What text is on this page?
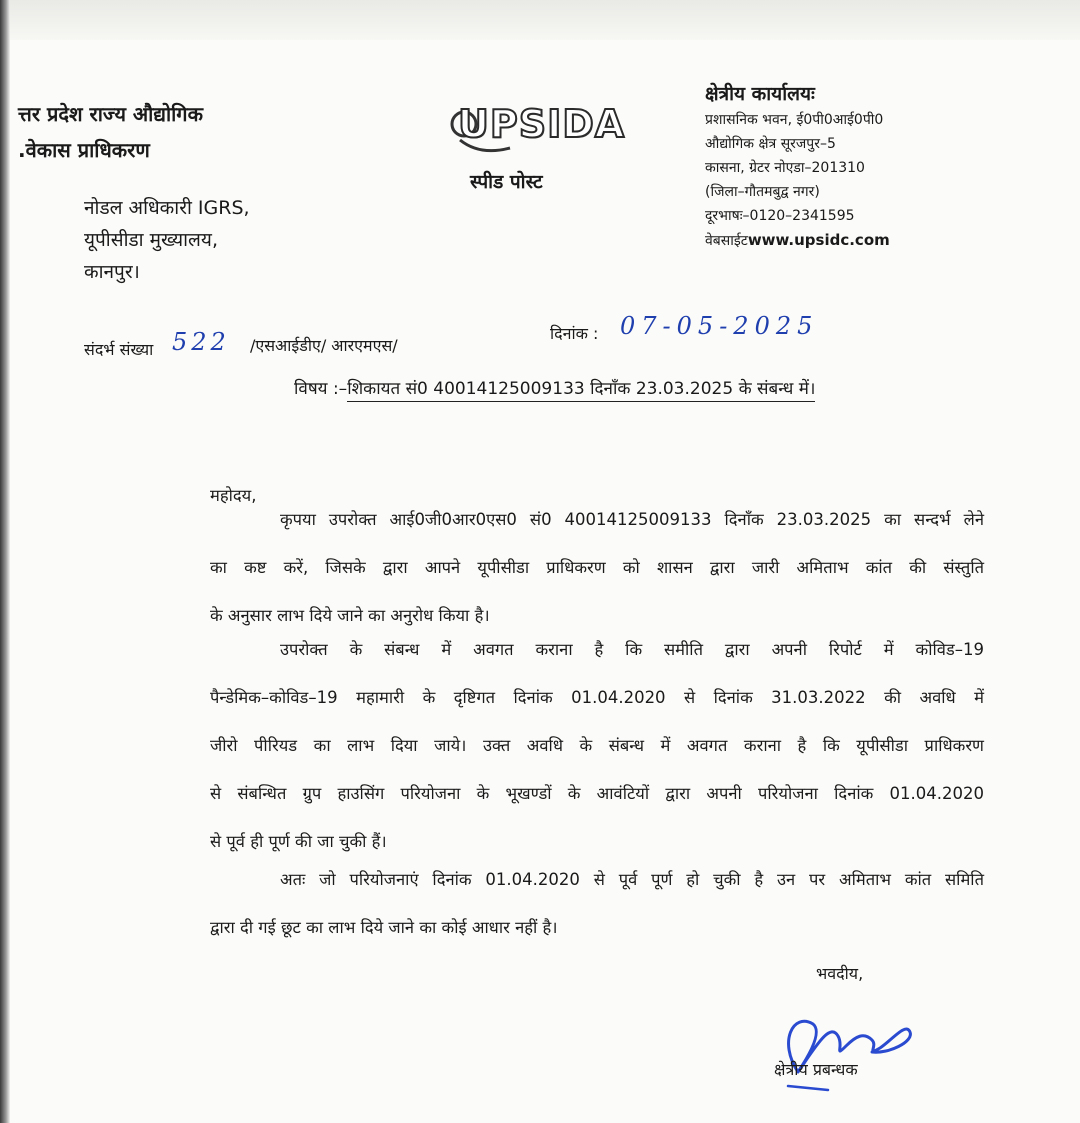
त्तर प्रदेश राज्य औद्योगिक
.वेकास प्राधिकरण
UPSIDA
स्पीड पोस्ट
क्षेत्रीय कार्यालयः
प्रशासनिक भवन, ई0पी0आई0पी0
औद्योगिक क्षेत्र सूरजपुर–5
कासना, ग्रेटर नोएडा–201310
(जिला–गौतमबुद्व नगर)
दूरभाषः–0120–2341595
वेबसाईटwww.upsidc.com
नोडल अधिकारी IGRS,
यूपीसीडा मुख्यालय,
कानपुर।
संदर्भ संख्या 522 /एसआईडीए/ आरएमएस/
दिनांक : 07-05-2025
विषय :–शिकायत सं0 40014125009133 दिनाँक 23.03.2025 के संबन्ध में।
महोदय,
कृपया उपरोक्त आई0जी0आर0एस0 सं0 40014125009133 दिनाँक 23.03.2025 का सन्दर्भ लेने
का कष्ट करें, जिसके द्वारा आपने यूपीसीडा प्राधिकरण को शासन द्वारा जारी अमिताभ कांत की संस्तुति
के अनुसार लाभ दिये जाने का अनुरोध किया है।
उपरोक्त के संबन्ध में अवगत कराना है कि समीति द्वारा अपनी रिपोर्ट में कोविड–19
पैन्डेमिक–कोविड–19 महामारी के दृष्टिगत दिनांक 01.04.2020 से दिनांक 31.03.2022 की अवधि में
जीरो पीरियड का लाभ दिया जाये। उक्त अवधि के संबन्ध में अवगत कराना है कि यूपीसीडा प्राधिकरण
से संबन्धित ग्रुप हाउसिंग परियोजना के भूखण्डों के आवंटियों द्वारा अपनी परियोजना दिनांक 01.04.2020
से पूर्व ही पूर्ण की जा चुकी हैं।
अतः जो परियोजनाएं दिनांक 01.04.2020 से पूर्व पूर्ण हो चुकी है उन पर अमिताभ कांत समिति
द्वारा दी गई छूट का लाभ दिये जाने का कोई आधार नहीं है।
भवदीय,
क्षेत्रीय प्रबन्धक
